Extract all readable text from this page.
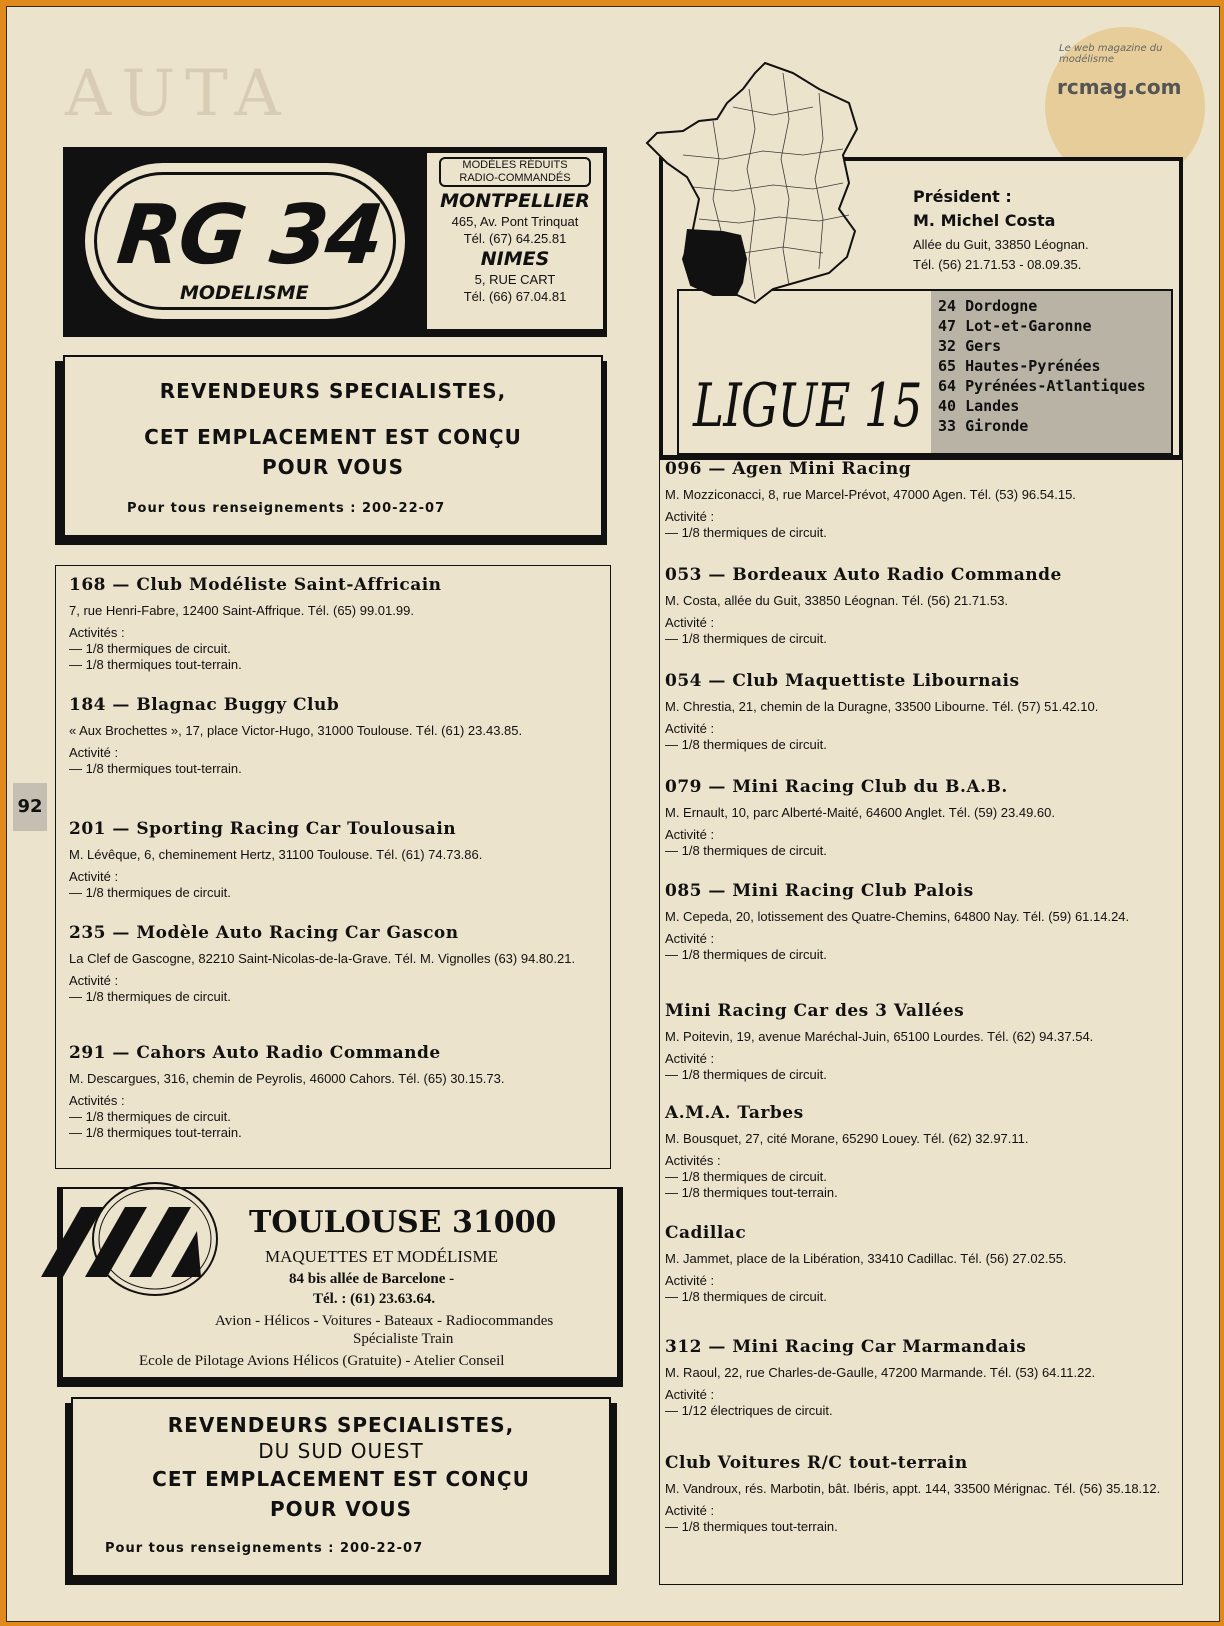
AUTA
Le web magazine du modélisme
rcmag.com
92
RG 34
MODELISME
MODÈLES RÉDUITS
RADIO-COMMANDÉS
MONTPELLIER
465, Av. Pont Trinquat
Tél. (67) 64.25.81
NIMES
5, RUE CART
Tél. (66) 67.04.81
REVENDEURS SPECIALISTES,
CET EMPLACEMENT EST CONÇU
POUR VOUS
Pour tous renseignements : 200-22-07
168 — Club Modéliste Saint-Affricain
7, rue Henri-Fabre, 12400 Saint-Affrique. Tél. (65) 99.01.99.
Activités :
— 1/8 thermiques de circuit.
— 1/8 thermiques tout-terrain.
184 — Blagnac Buggy Club
« Aux Brochettes », 17, place Victor-Hugo, 31000 Toulouse. Tél. (61) 23.43.85.
Activité :
— 1/8 thermiques tout-terrain.
201 — Sporting Racing Car Toulousain
M. Lévêque, 6, cheminement Hertz, 31100 Toulouse. Tél. (61) 74.73.86.
Activité :
— 1/8 thermiques de circuit.
235 — Modèle Auto Racing Car Gascon
La Clef de Gascogne, 82210 Saint-Nicolas-de-la-Grave. Tél. M. Vignolles (63) 94.80.21.
Activité :
— 1/8 thermiques de circuit.
291 — Cahors Auto Radio Commande
M. Descargues, 316, chemin de Peyrolis, 46000 Cahors. Tél. (65) 30.15.73.
Activités :
— 1/8 thermiques de circuit.
— 1/8 thermiques tout-terrain.
TOULOUSE 31000
MAQUETTES ET MODÉLISME
84 bis allée de Barcelone -
Tél. : (61) 23.63.64.
Avion - Hélicos - Voitures - Bateaux - Radiocommandes
Spécialiste Train
Ecole de Pilotage Avions Hélicos (Gratuite) - Atelier Conseil
REVENDEURS SPECIALISTES,
DU SUD OUEST
CET EMPLACEMENT EST CONÇU
POUR VOUS
Pour tous renseignements : 200-22-07
LIGUE 15
Président :
M. Michel Costa
Allée du Guit, 33850 Léognan.
Tél. (56) 21.71.53 - 08.09.35.
24 Dordogne
47 Lot-et-Garonne
32 Gers
65 Hautes-Pyrénées
64 Pyrénées-Atlantiques
40 Landes
33 Gironde
096 — Agen Mini Racing
M. Mozziconacci, 8, rue Marcel-Prévot, 47000 Agen. Tél. (53) 96.54.15.
Activité :
— 1/8 thermiques de circuit.
053 — Bordeaux Auto Radio Commande
M. Costa, allée du Guit, 33850 Léognan. Tél. (56) 21.71.53.
Activité :
— 1/8 thermiques de circuit.
054 — Club Maquettiste Libournais
M. Chrestia, 21, chemin de la Duragne, 33500 Libourne. Tél. (57) 51.42.10.
Activité :
— 1/8 thermiques de circuit.
079 — Mini Racing Club du B.A.B.
M. Ernault, 10, parc Alberté-Maité, 64600 Anglet. Tél. (59) 23.49.60.
Activité :
— 1/8 thermiques de circuit.
085 — Mini Racing Club Palois
M. Cepeda, 20, lotissement des Quatre-Chemins, 64800 Nay. Tél. (59) 61.14.24.
Activité :
— 1/8 thermiques de circuit.
Mini Racing Car des 3 Vallées
M. Poitevin, 19, avenue Maréchal-Juin, 65100 Lourdes. Tél. (62) 94.37.54.
Activité :
— 1/8 thermiques de circuit.
A.M.A. Tarbes
M. Bousquet, 27, cité Morane, 65290 Louey. Tél. (62) 32.97.11.
Activités :
— 1/8 thermiques de circuit.
— 1/8 thermiques tout-terrain.
Cadillac
M. Jammet, place de la Libération, 33410 Cadillac. Tél. (56) 27.02.55.
Activité :
— 1/8 thermiques de circuit.
312 — Mini Racing Car Marmandais
M. Raoul, 22, rue Charles-de-Gaulle, 47200 Marmande. Tél. (53) 64.11.22.
Activité :
— 1/12 électriques de circuit.
Club Voitures R/C tout-terrain
M. Vandroux, rés. Marbotin, bât. Ibéris, appt. 144, 33500 Mérignac. Tél. (56) 35.18.12.
Activité :
— 1/8 thermiques tout-terrain.
